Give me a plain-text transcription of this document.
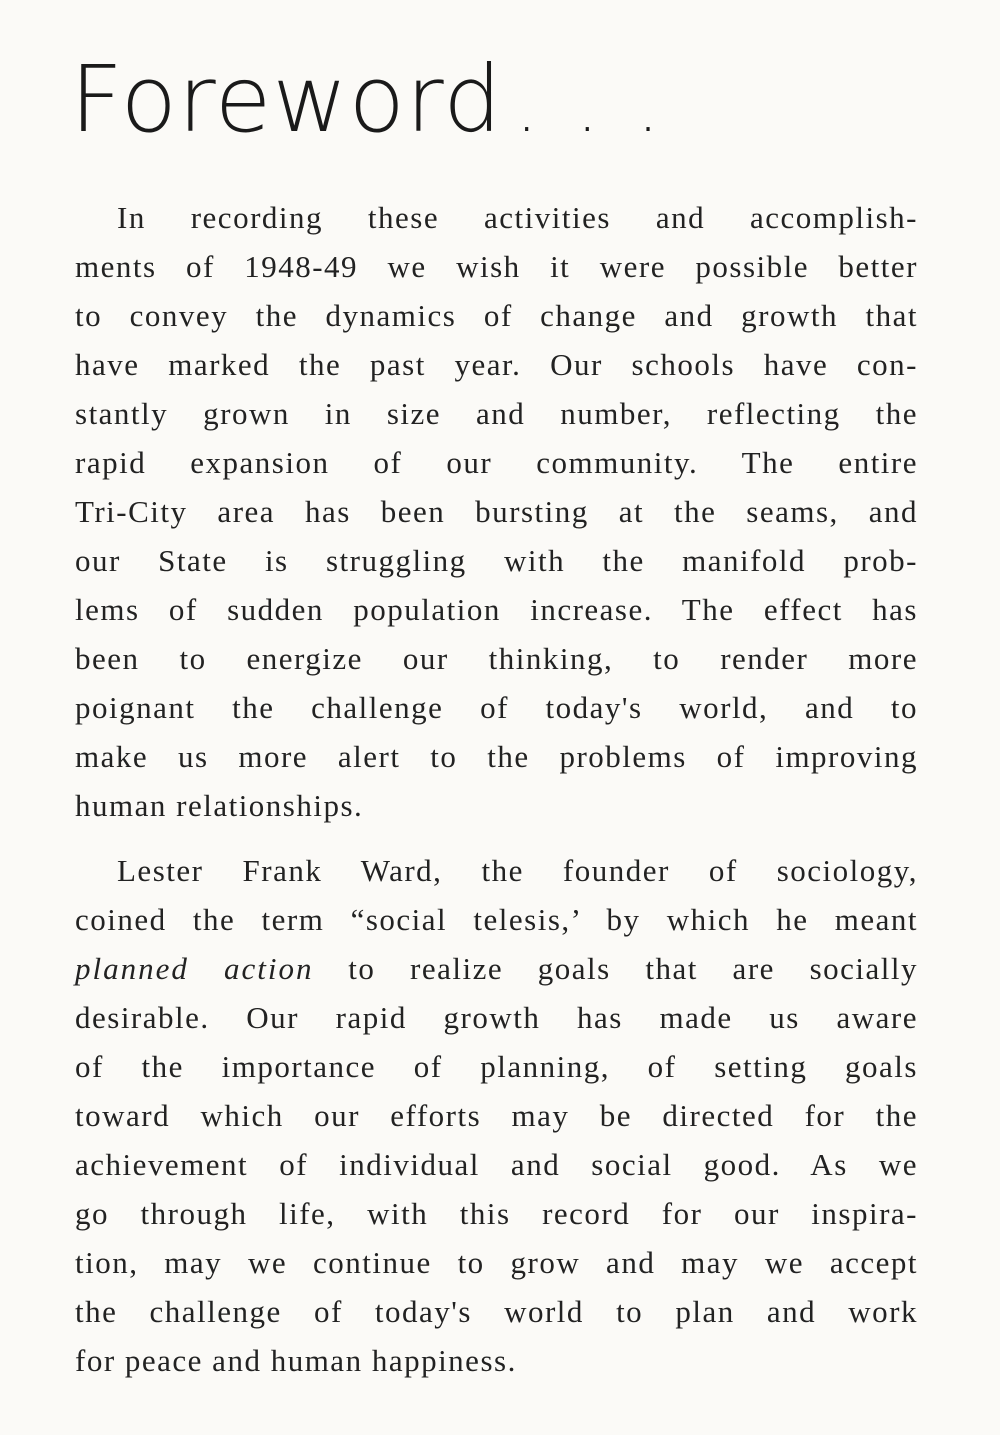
Foreword . . .
In recording these activities and accomplish-
ments of 1948-49 we wish it were possible better
to convey the dynamics of change and growth that
have marked the past year. Our schools have con-
stantly grown in size and number, reflecting the
rapid expansion of our community. The entire
Tri-City area has been bursting at the seams, and
our State is struggling with the manifold prob-
lems of sudden population increase. The effect has
been to energize our thinking, to render more
poignant the challenge of today's world, and to
make us more alert to the problems of improving
human relationships.
Lester Frank Ward, the founder of sociology,
coined the term “social telesis,’ by which he meant
planned action to realize goals that are socially
desirable. Our rapid growth has made us aware
of the importance of planning, of setting goals
toward which our efforts may be directed for the
achievement of individual and social good. As we
go through life, with this record for our inspira-
tion, may we continue to grow and may we accept
the challenge of today's world to plan and work
for peace and human happiness.
